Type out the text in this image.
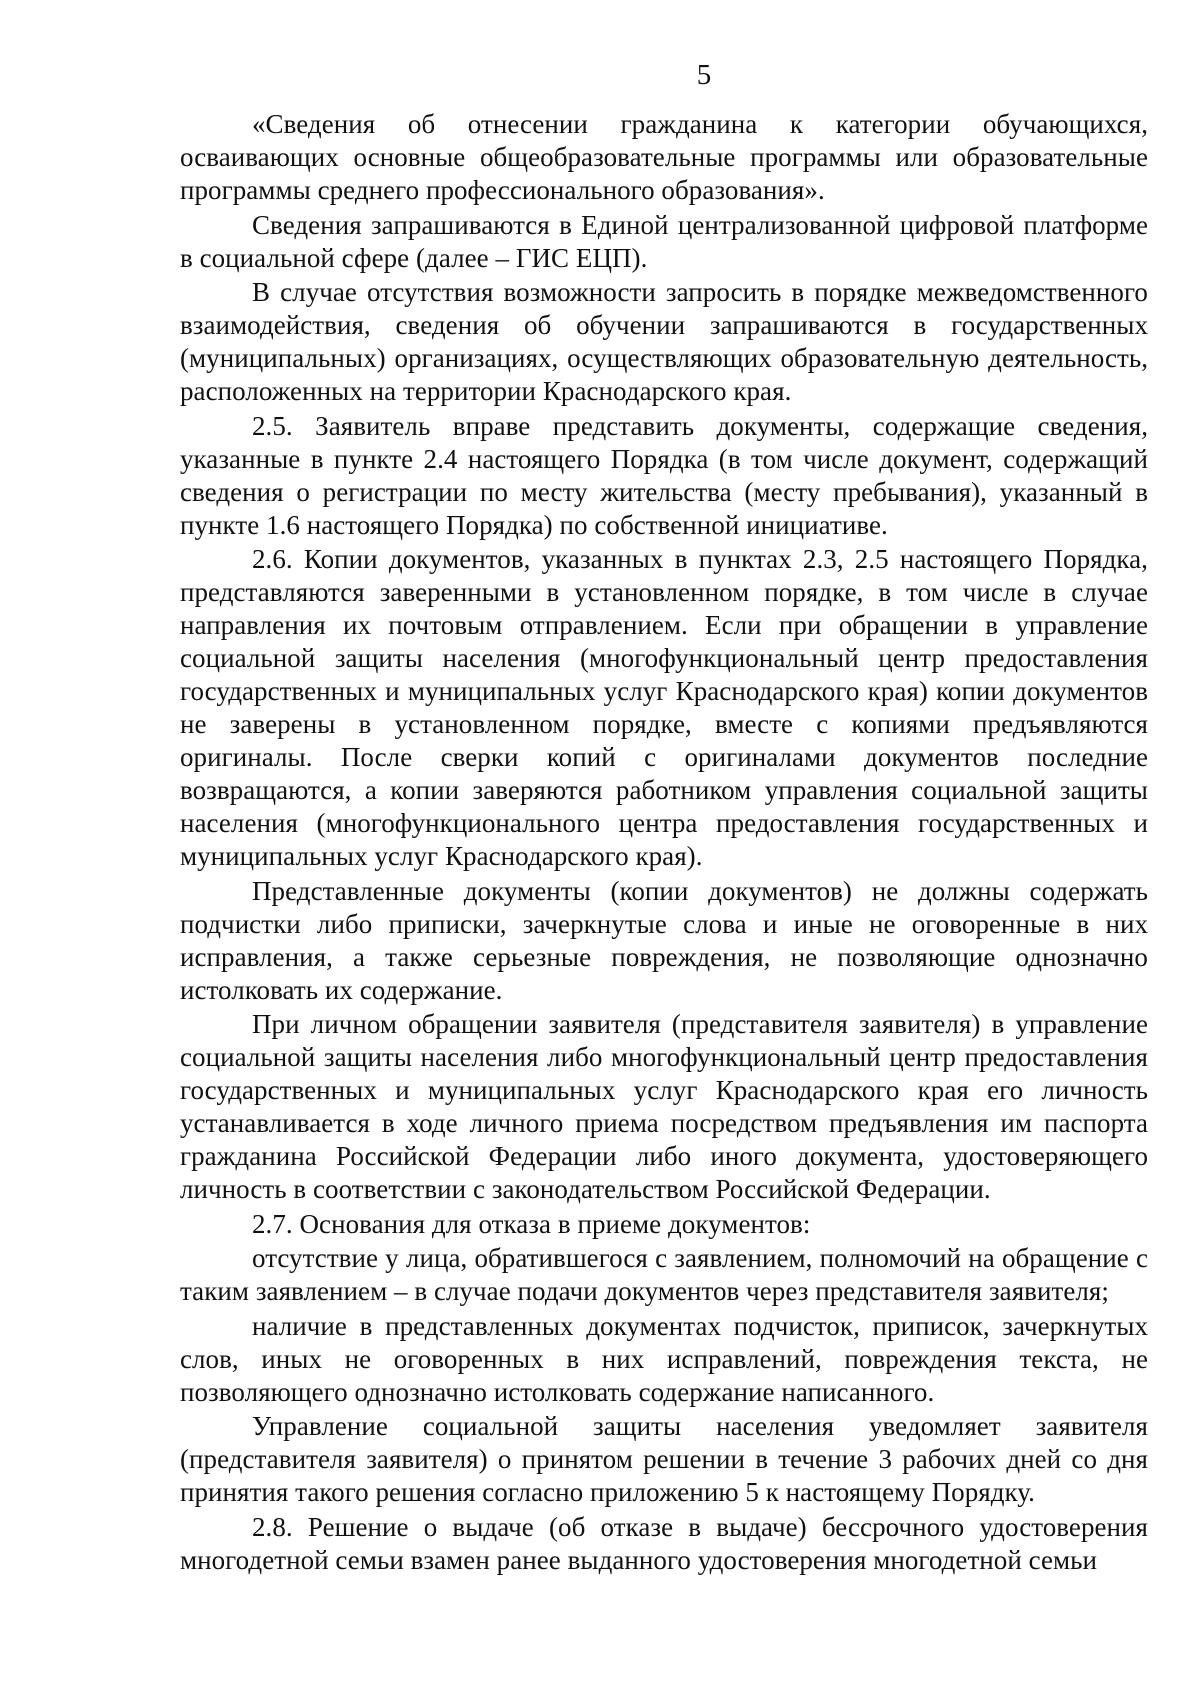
5

«Сведения об отнесении гражданина к категории обучающихся, осваивающих основные общеобразовательные программы или образовательные программы среднего профессионального образования».

Сведения запрашиваются в Единой централизованной цифровой платформе в социальной сфере (далее – ГИС ЕЦП).

В случае отсутствия возможности запросить в порядке межведомственного взаимодействия, сведения об обучении запрашиваются в государственных (муниципальных) организациях, осуществляющих образовательную деятельность, расположенных на территории Краснодарского края.

2.5. Заявитель вправе представить документы, содержащие сведения, указанные в пункте 2.4 настоящего Порядка (в том числе документ, содержащий сведения о регистрации по месту жительства (месту пребывания), указанный в пункте 1.6 настоящего Порядка) по собственной инициативе.

2.6. Копии документов, указанных в пунктах 2.3, 2.5 настоящего Порядка, представляются заверенными в установленном порядке, в том числе в случае направления их почтовым отправлением. Если при обращении в управление социальной защиты населения (многофункциональный центр предоставления государственных и муниципальных услуг Краснодарского края) копии документов не заверены в установленном порядке, вместе с копиями предъявляются оригиналы. После сверки копий с оригиналами документов последние возвращаются, а копии заверяются работником управления социальной защиты населения (многофункционального центра предоставления государственных и муниципальных услуг Краснодарского края).

Представленные документы (копии документов) не должны содержать подчистки либо приписки, зачеркнутые слова и иные не оговоренные в них исправления, а также серьезные повреждения, не позволяющие однозначно истолковать их содержание.

При личном обращении заявителя (представителя заявителя) в управление социальной защиты населения либо многофункциональный центр предоставления государственных и муниципальных услуг Краснодарского края его личность устанавливается в ходе личного приема посредством предъявления им паспорта гражданина Российской Федерации либо иного документа, удостоверяющего личность в соответствии с законодательством Российской Федерации.

2.7. Основания для отказа в приеме документов:

отсутствие у лица, обратившегося с заявлением, полномочий на обращение с таким заявлением – в случае подачи документов через представителя заявителя;

наличие в представленных документах подчисток, приписок, зачеркнутых слов, иных не оговоренных в них исправлений, повреждения текста, не позволяющего однозначно истолковать содержание написанного.

Управление социальной защиты населения уведомляет заявителя (представителя заявителя) о принятом решении в течение 3 рабочих дней со дня принятия такого решения согласно приложению 5 к настоящему Порядку.

2.8. Решение о выдаче (об отказе в выдаче) бессрочного удостоверения многодетной семьи взамен ранее выданного удостоверения многодетной семьи
